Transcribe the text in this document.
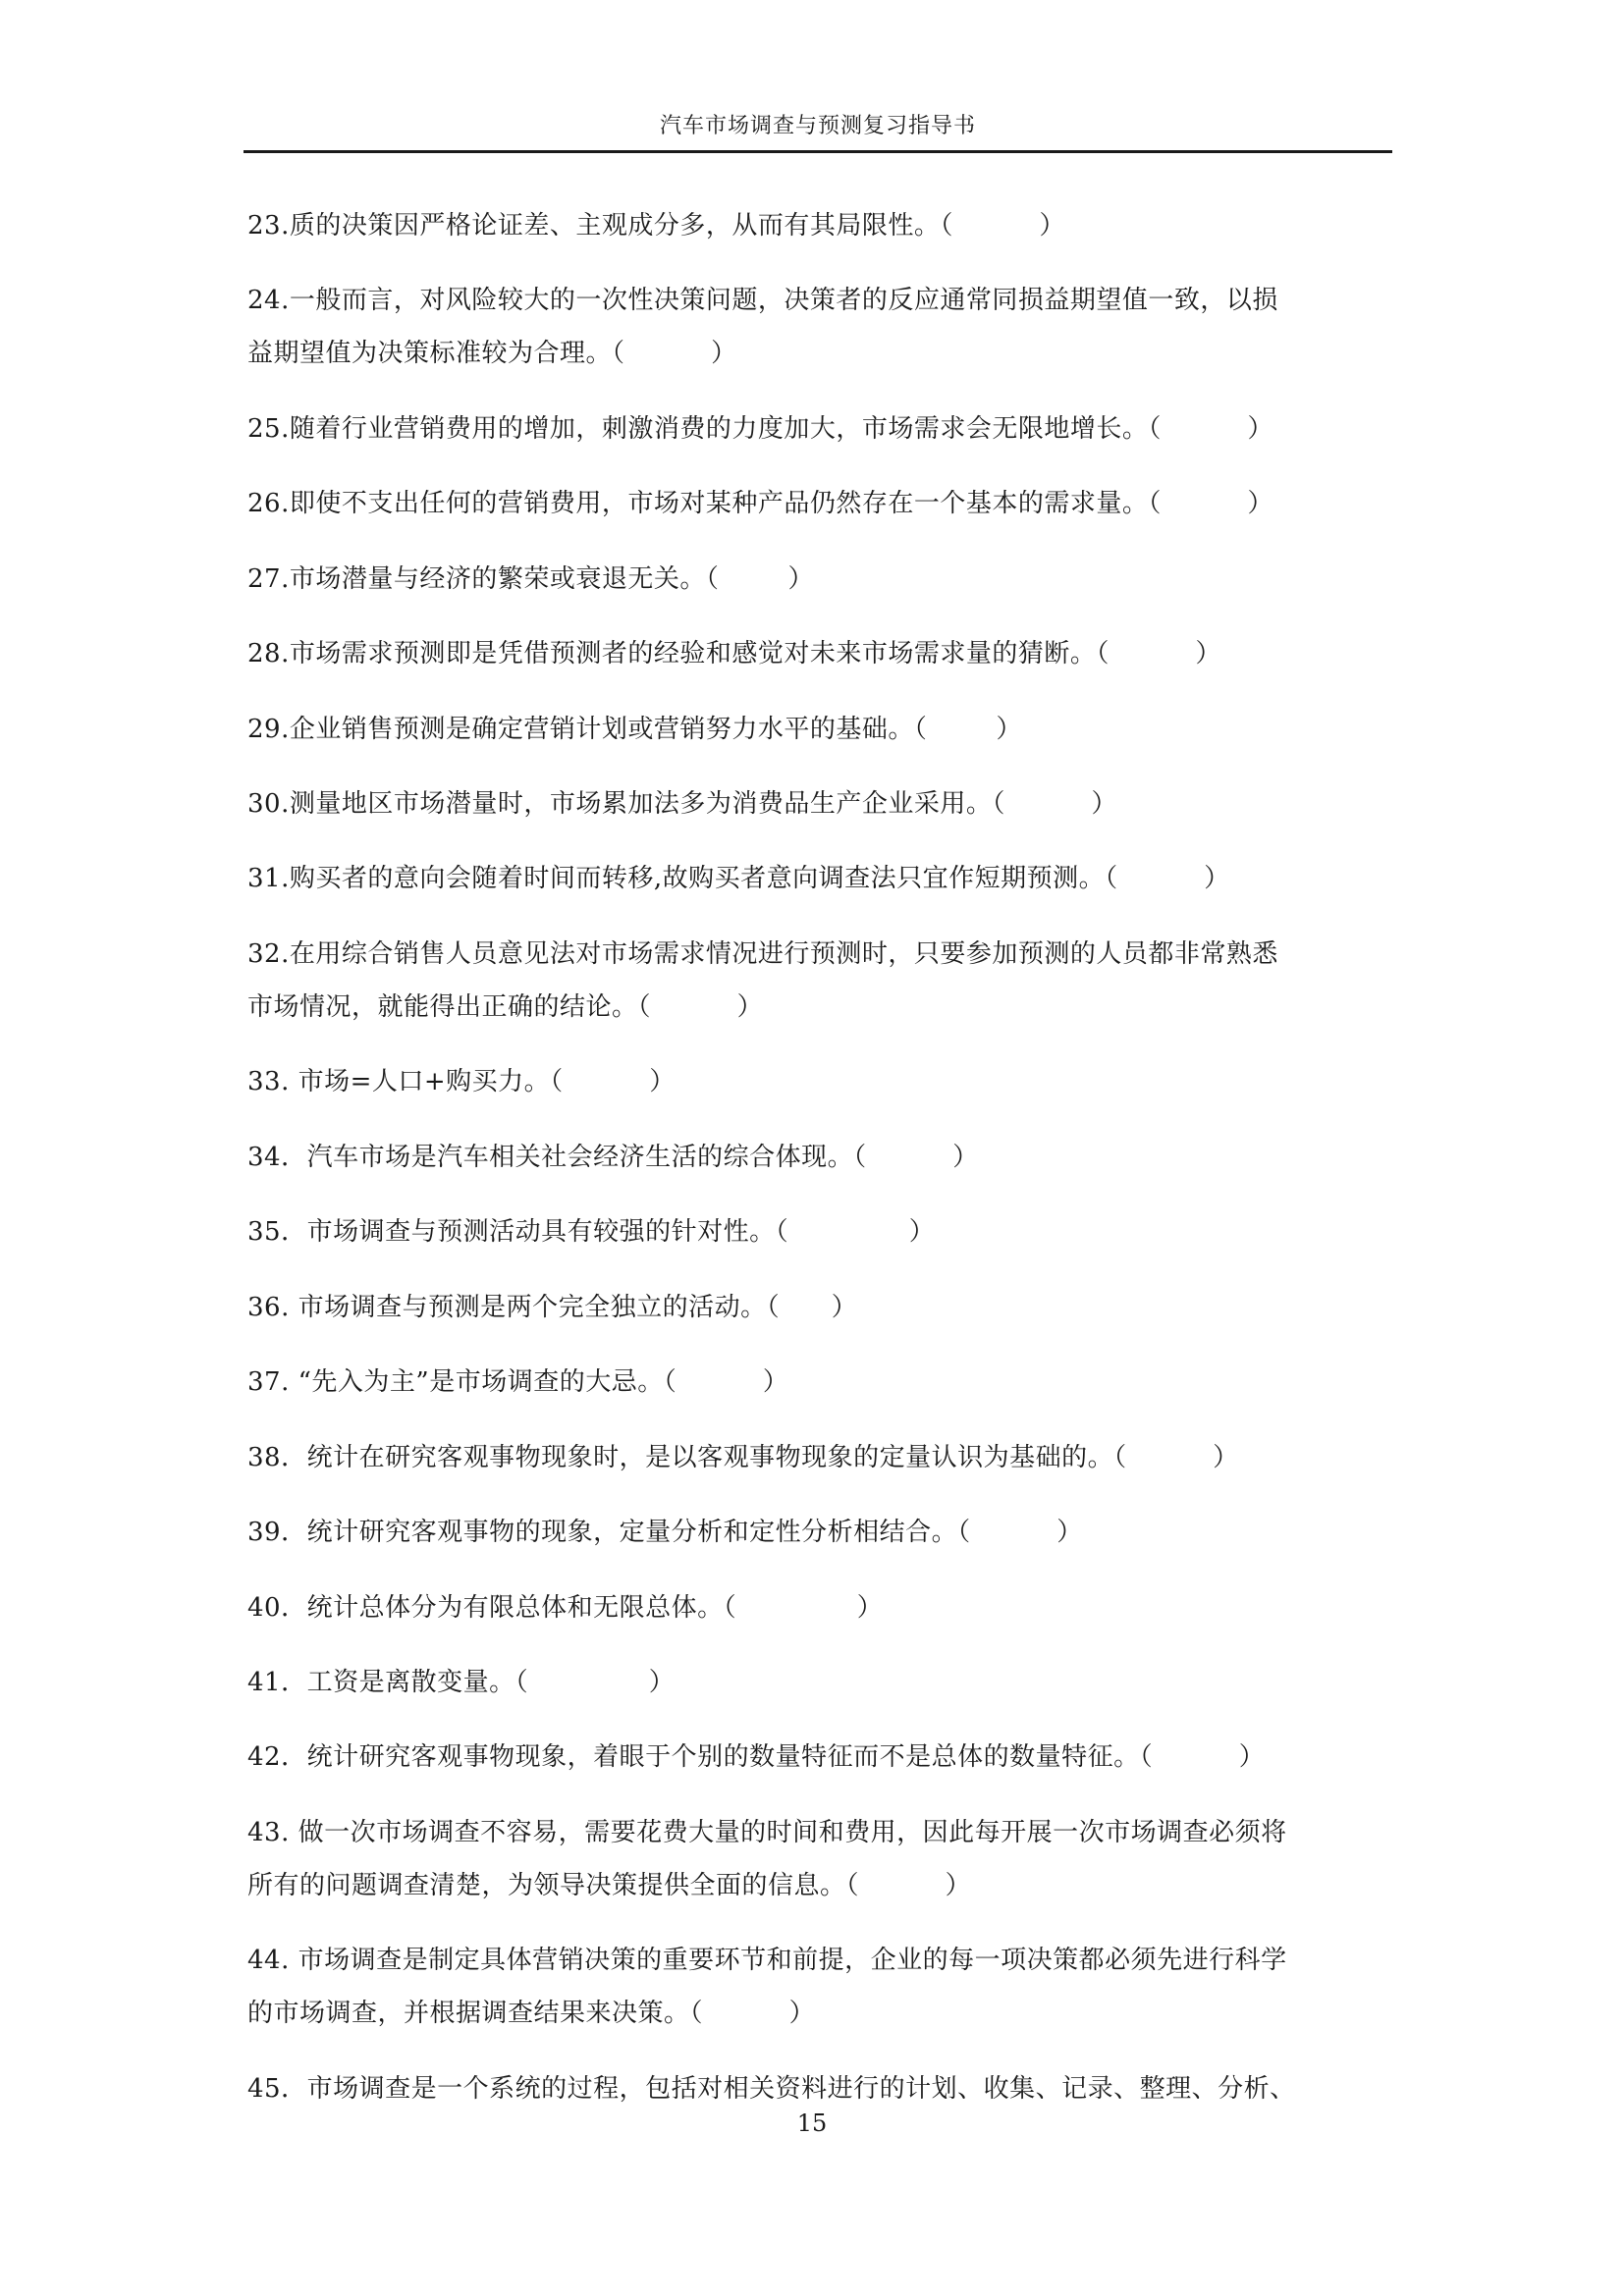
汽车市场调查与预测复习指导书

23.质的决策因严格论证差、主观成分多，从而有其局限性。（          ）

24.一般而言，对风险较大的一次性决策问题，决策者的反应通常同损益期望值一致，以损

益期望值为决策标准较为合理。（          ）

25.随着行业营销费用的增加，刺激消费的力度加大，市场需求会无限地增长。（          ）

26.即使不支出任何的营销费用，市场对某种产品仍然存在一个基本的需求量。（          ）

27.市场潜量与经济的繁荣或衰退无关。（        ）

28.市场需求预测即是凭借预测者的经验和感觉对未来市场需求量的猜断。（          ）

29.企业销售预测是确定营销计划或营销努力水平的基础。（        ）

30.测量地区市场潜量时，市场累加法多为消费品生产企业采用。（          ）

31.购买者的意向会随着时间而转移,故购买者意向调查法只宜作短期预测。（          ）

32.在用综合销售人员意见法对市场需求情况进行预测时，只要参加预测的人员都非常熟悉

市场情况，就能得出正确的结论。（          ）

33. 市场=人口+购买力。（          ）

34．汽车市场是汽车相关社会经济生活的综合体现。（          ）

35．市场调查与预测活动具有较强的针对性。（              ）

36. 市场调查与预测是两个完全独立的活动。（      ）

37. “先入为主”是市场调查的大忌。（          ）

38．统计在研究客观事物现象时，是以客观事物现象的定量认识为基础的。（          ）

39．统计研究客观事物的现象，定量分析和定性分析相结合。（          ）

40．统计总体分为有限总体和无限总体。（              ）

41．工资是离散变量。（              ）

42．统计研究客观事物现象，着眼于个别的数量特征而不是总体的数量特征。（          ）

43. 做一次市场调查不容易，需要花费大量的时间和费用，因此每开展一次市场调查必须将

所有的问题调查清楚，为领导决策提供全面的信息。（          ）

44. 市场调查是制定具体营销决策的重要环节和前提，企业的每一项决策都必须先进行科学

的市场调查，并根据调查结果来决策。（          ）

45．市场调查是一个系统的过程，包括对相关资料进行的计划、收集、记录、整理、分析、

15
